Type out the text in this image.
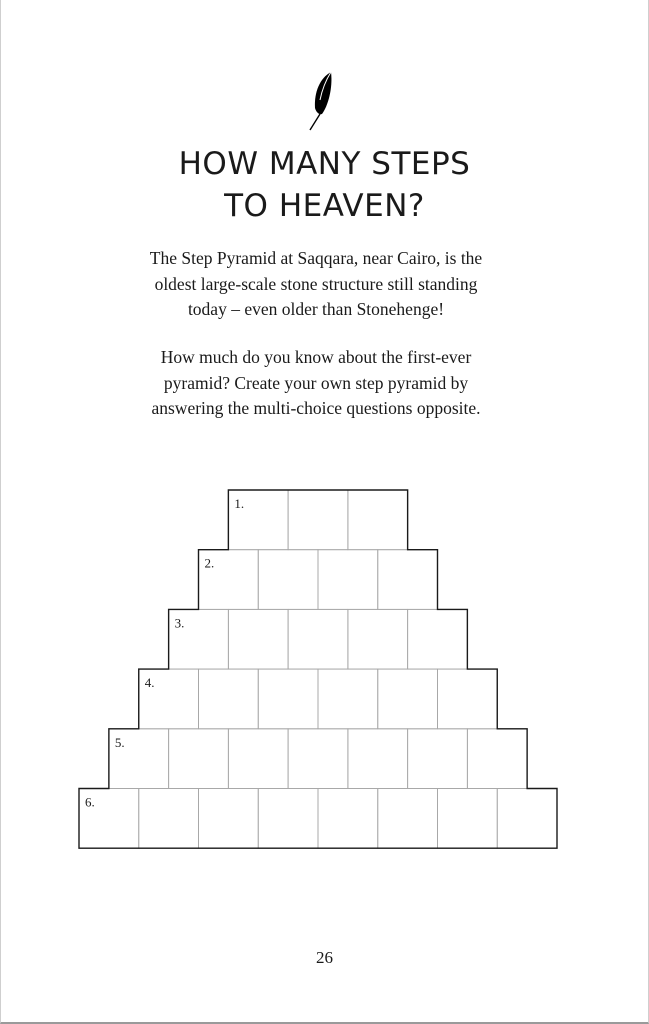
HOW MANY STEPS
TO HEAVEN?

The Step Pyramid at Saqqara, near Cairo, is the
oldest large-scale stone structure still standing
today – even older than Stonehenge!

How much do you know about the first-ever
pyramid? Create your own step pyramid by
answering the multi-choice questions opposite.

1.
2.
3.
4.
5.
6.
26
